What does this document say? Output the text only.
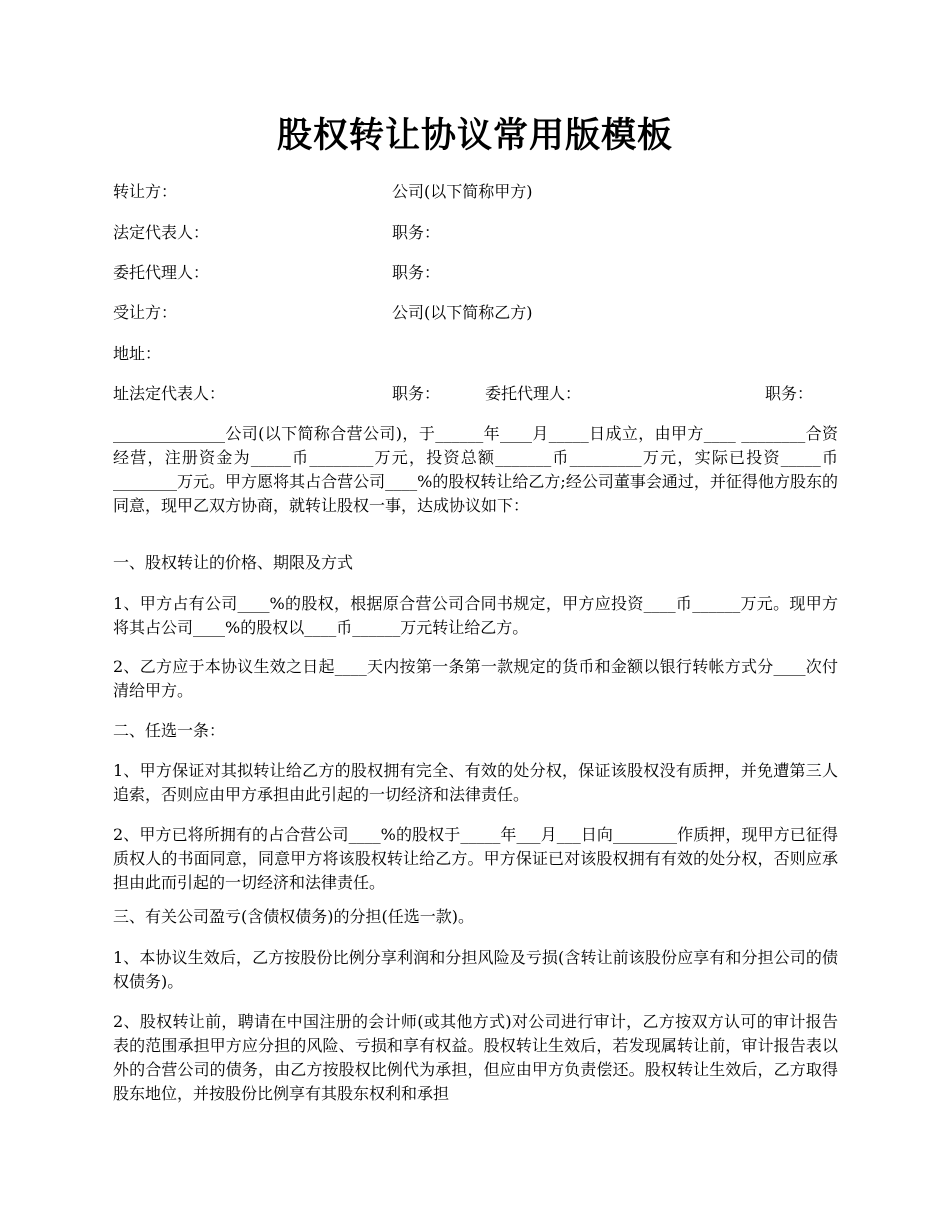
股权转让协议常用版模板
转让方：	公司(以下简称甲方)
法定代表人：	职务：
委托代理人：	职务：
受让方：	公司(以下简称乙方)
地址：
址法定代表人：	职务：	委托代理人：	职务：
______________公司(以下简称合营公司)，于______年____月_____日成立，由甲方____ ________合资经营，注册资金为_____币________万元，投资总额_______币_________万元，实际已投资_____币________万元。甲方愿将其占合营公司____%的股权转让给乙方;经公司董事会通过，并征得他方股东的同意，现甲乙双方协商，就转让股权一事，达成协议如下：
一、股权转让的价格、期限及方式
1、甲方占有公司____%的股权，根据原合营公司合同书规定，甲方应投资____币______万元。现甲方将其占公司____%的股权以____币______万元转让给乙方。
2、乙方应于本协议生效之日起____天内按第一条第一款规定的货币和金额以银行转帐方式分____次付清给甲方。
二、任选一条：
1、甲方保证对其拟转让给乙方的股权拥有完全、有效的处分权，保证该股权没有质押，并免遭第三人追索，否则应由甲方承担由此引起的一切经济和法律责任。
2、甲方已将所拥有的占合营公司____%的股权于_____年___月___日向________作质押，现甲方已征得质权人的书面同意，同意甲方将该股权转让给乙方。甲方保证已对该股权拥有有效的处分权，否则应承担由此而引起的一切经济和法律责任。
三、有关公司盈亏(含债权债务)的分担(任选一款)。
1、本协议生效后，乙方按股份比例分享利润和分担风险及亏损(含转让前该股份应享有和分担公司的债权债务)。
2、股权转让前，聘请在中国注册的会计师(或其他方式)对公司进行审计，乙方按双方认可的审计报告表的范围承担甲方应分担的风险、亏损和享有权益。股权转让生效后，若发现属转让前，审计报告表以外的合营公司的债务，由乙方按股权比例代为承担，但应由甲方负责偿还。股权转让生效后，乙方取得股东地位，并按股份比例享有其股东权利和承担
